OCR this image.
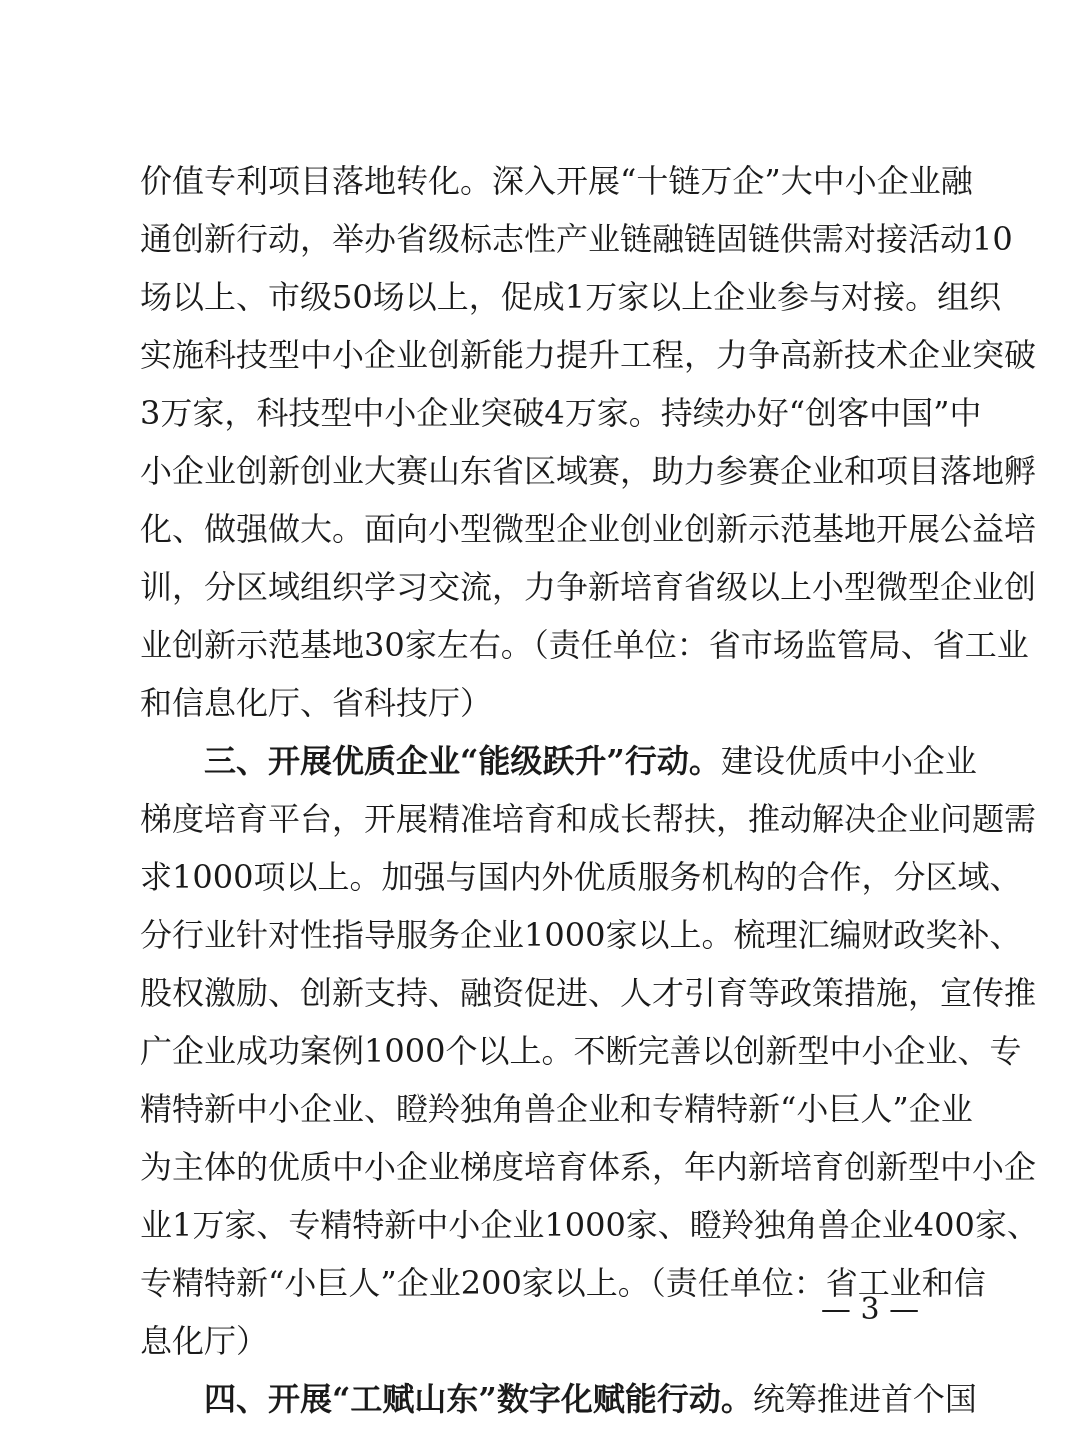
价值专利项目落地转化。深入开展“十链万企”大中小企业融
通创新行动，举办省级标志性产业链融链固链供需对接活动10
场以上、市级50场以上，促成1万家以上企业参与对接。组织
实施科技型中小企业创新能力提升工程，力争高新技术企业突破
3万家，科技型中小企业突破4万家。持续办好“创客中国”中
小企业创新创业大赛山东省区域赛，助力参赛企业和项目落地孵
化、做强做大。面向小型微型企业创业创新示范基地开展公益培
训，分区域组织学习交流，力争新培育省级以上小型微型企业创
业创新示范基地30家左右。（责任单位：省市场监管局、省工业
和信息化厅、省科技厅）
三、开展优质企业“能级跃升”行动。建设优质中小企业
梯度培育平台，开展精准培育和成长帮扶，推动解决企业问题需
求1000项以上。加强与国内外优质服务机构的合作，分区域、
分行业针对性指导服务企业1000家以上。梳理汇编财政奖补、
股权激励、创新支持、融资促进、人才引育等政策措施，宣传推
广企业成功案例1000个以上。不断完善以创新型中小企业、专
精特新中小企业、瞪羚独角兽企业和专精特新“小巨人”企业
为主体的优质中小企业梯度培育体系，年内新培育创新型中小企
业1万家、专精特新中小企业1000家、瞪羚独角兽企业400家、
专精特新“小巨人”企业200家以上。（责任单位：省工业和信
息化厅）
四、开展“工赋山东”数字化赋能行动。统筹推进首个国
— 3 —
